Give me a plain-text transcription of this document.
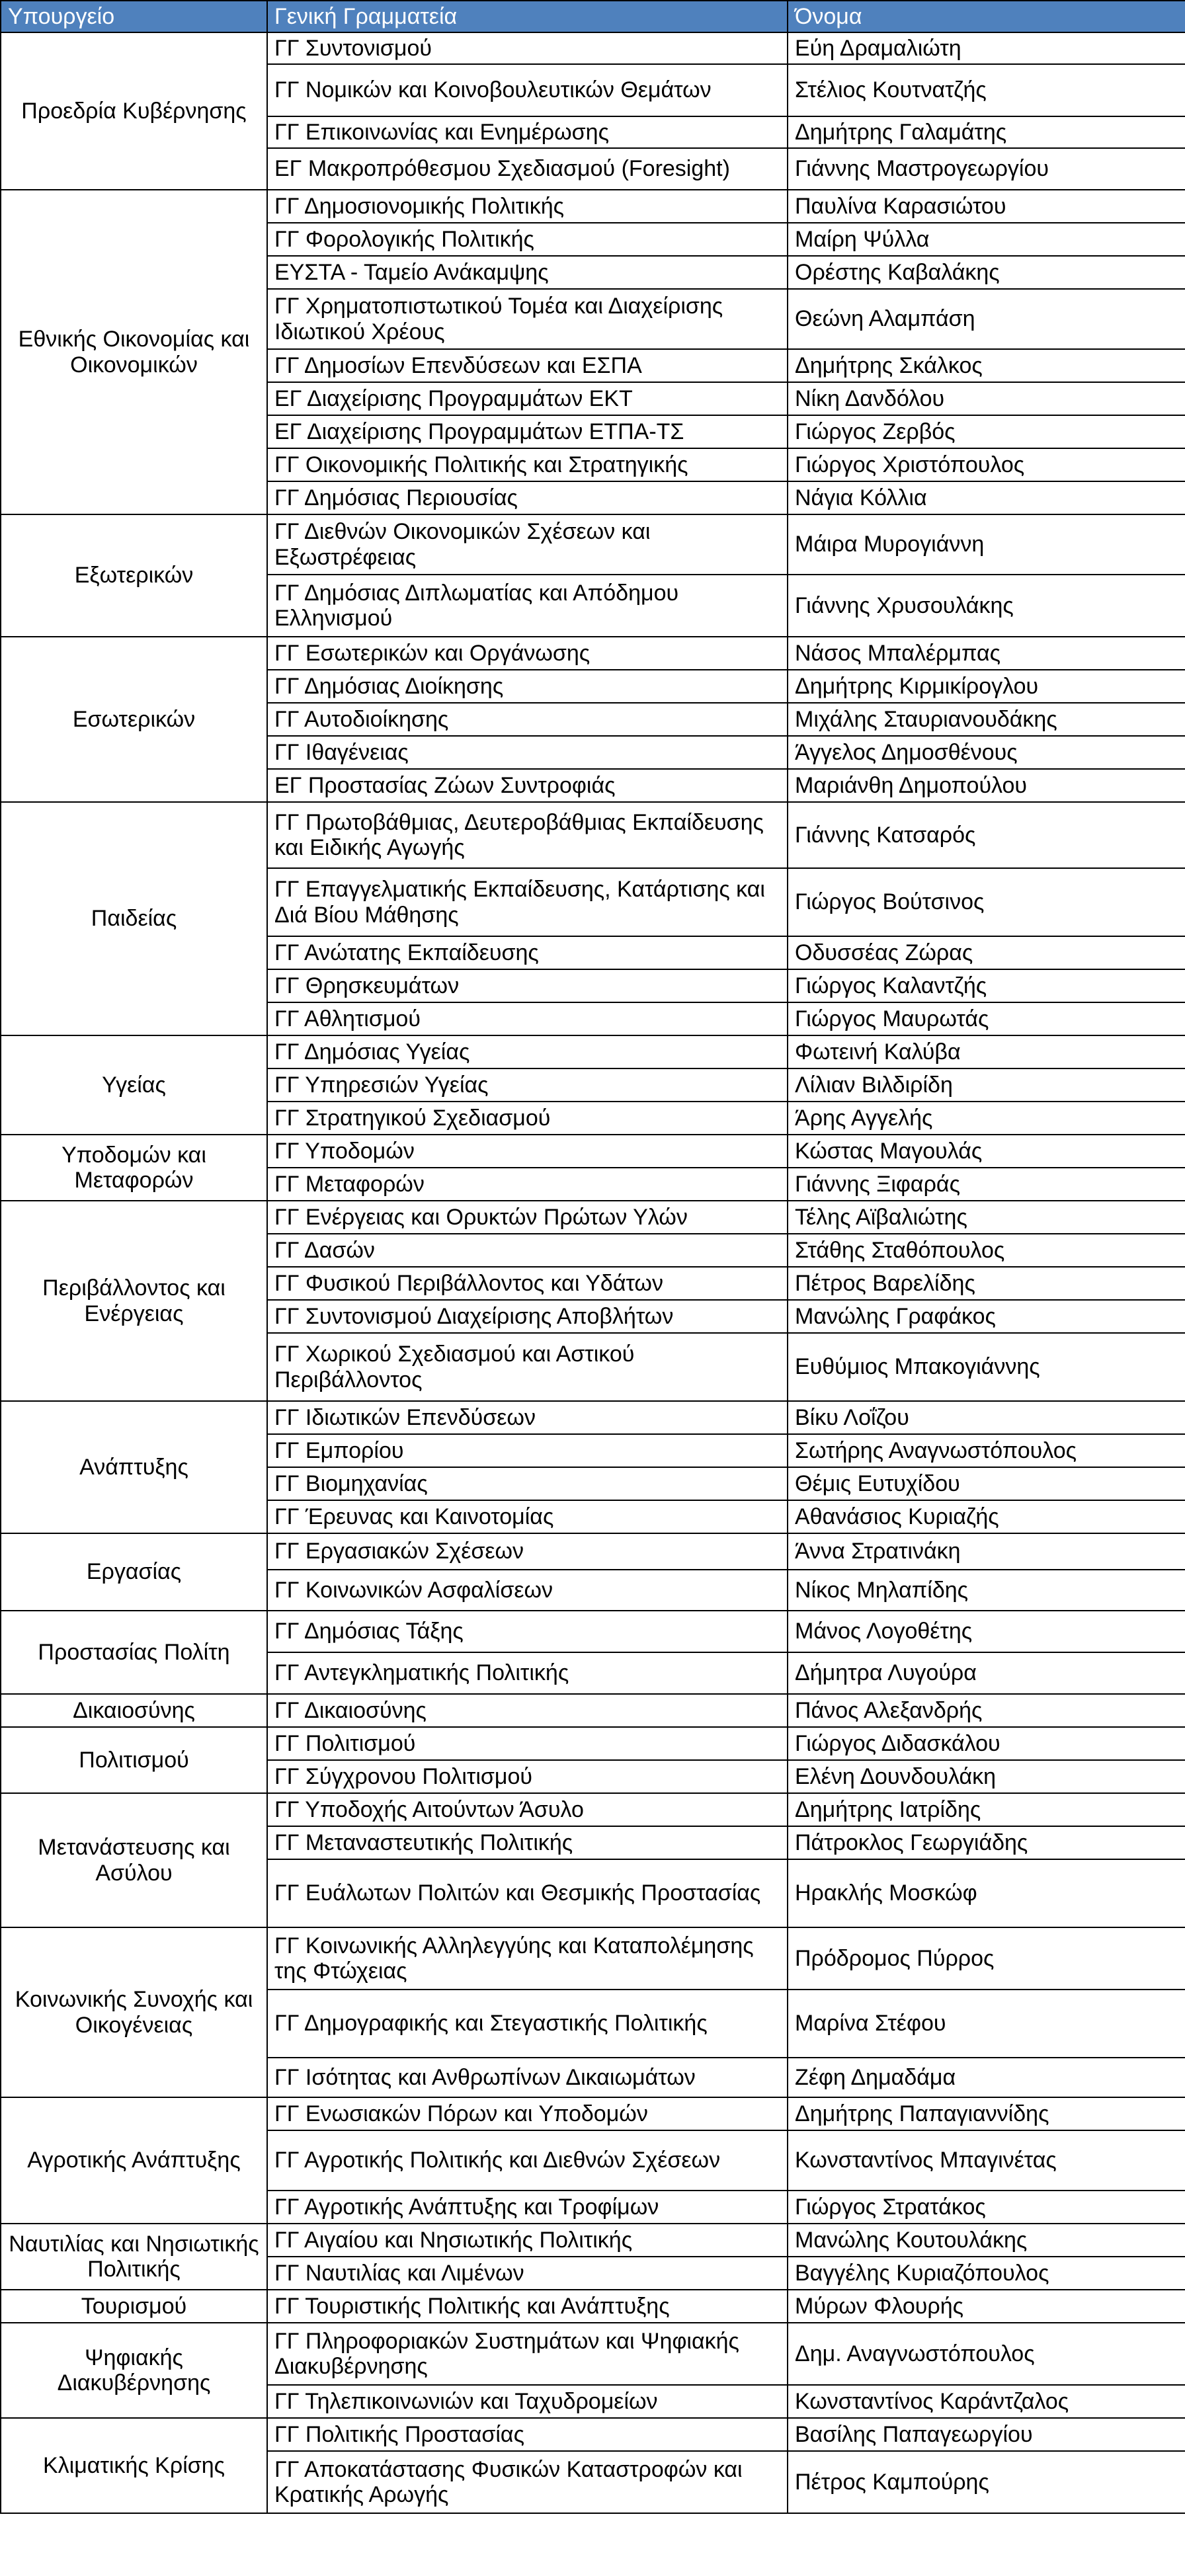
Υπουργείο	Γενική Γραμματεία	Όνομα
Προεδρία Κυβέρνησης	ΓΓ Συντονισμού	Εύη Δραμαλιώτη
	ΓΓ Νομικών και Κοινοβουλευτικών Θεμάτων	Στέλιος Κουτνατζής
	ΓΓ Επικοινωνίας και Ενημέρωσης	Δημήτρης Γαλαμάτης
	ΕΓ Μακροπρόθεσμου Σχεδιασμού (Foresight)	Γιάννης Μαστρογεωργίου
Εθνικής Οικονομίας και Οικονομικών	ΓΓ Δημοσιονομικής Πολιτικής	Παυλίνα Καρασιώτου
	ΓΓ Φορολογικής Πολιτικής	Μαίρη Ψύλλα
	ΕΥΣΤΑ - Ταμείο Ανάκαμψης	Ορέστης Καβαλάκης
	ΓΓ Χρηματοπιστωτικού Τομέα και Διαχείρισης Ιδιωτικού Χρέους	Θεώνη Αλαμπάση
	ΓΓ Δημοσίων Επενδύσεων και ΕΣΠΑ	Δημήτρης Σκάλκος
	ΕΓ Διαχείρισης Προγραμμάτων ΕΚΤ	Νίκη Δανδόλου
	ΕΓ Διαχείρισης Προγραμμάτων ΕΤΠΑ-ΤΣ	Γιώργος Ζερβός
	ΓΓ Οικονομικής Πολιτικής και Στρατηγικής	Γιώργος Χριστόπουλος
	ΓΓ Δημόσιας Περιουσίας	Νάγια Κόλλια
Εξωτερικών	ΓΓ Διεθνών Οικονομικών Σχέσεων και Εξωστρέφειας	Μάιρα Μυρογιάννη
	ΓΓ Δημόσιας Διπλωματίας και Απόδημου Ελληνισμού	Γιάννης Χρυσουλάκης
Εσωτερικών	ΓΓ Εσωτερικών και Οργάνωσης	Νάσος Μπαλέρμπας
	ΓΓ Δημόσιας Διοίκησης	Δημήτρης Κιρμικίρογλου
	ΓΓ Αυτοδιοίκησης	Μιχάλης Σταυριανουδάκης
	ΓΓ Ιθαγένειας	Άγγελος Δημοσθένους
	ΕΓ Προστασίας Ζώων Συντροφιάς	Μαριάνθη Δημοπούλου
Παιδείας	ΓΓ Πρωτοβάθμιας, Δευτεροβάθμιας Εκπαίδευσης και Ειδικής Αγωγής	Γιάννης Κατσαρός
	ΓΓ Επαγγελματικής Εκπαίδευσης, Κατάρτισης και Διά Βίου Μάθησης	Γιώργος Βούτσινος
	ΓΓ Ανώτατης Εκπαίδευσης	Οδυσσέας Ζώρας
	ΓΓ Θρησκευμάτων	Γιώργος Καλαντζής
	ΓΓ Αθλητισμού	Γιώργος Μαυρωτάς
Υγείας	ΓΓ Δημόσιας Υγείας	Φωτεινή Καλύβα
	ΓΓ Υπηρεσιών Υγείας	Λίλιαν Βιλδιρίδη
	ΓΓ Στρατηγικού Σχεδιασμού	Άρης Αγγελής
Υποδομών και Μεταφορών	ΓΓ Υποδομών	Κώστας Μαγουλάς
	ΓΓ Μεταφορών	Γιάννης Ξιφαράς
Περιβάλλοντος και Ενέργειας	ΓΓ Ενέργειας και Ορυκτών Πρώτων Υλών	Τέλης Αϊβαλιώτης
	ΓΓ Δασών	Στάθης Σταθόπουλος
	ΓΓ Φυσικού Περιβάλλοντος και Υδάτων	Πέτρος Βαρελίδης
	ΓΓ Συντονισμού Διαχείρισης Αποβλήτων	Μανώλης Γραφάκος
	ΓΓ Χωρικού Σχεδιασμού και Αστικού Περιβάλλοντος	Ευθύμιος Μπακογιάννης
Ανάπτυξης	ΓΓ Ιδιωτικών Επενδύσεων	Βίκυ Λοΐζου
	ΓΓ Εμπορίου	Σωτήρης Αναγνωστόπουλος
	ΓΓ Βιομηχανίας	Θέμις Ευτυχίδου
	ΓΓ Έρευνας και Καινοτομίας	Αθανάσιος Κυριαζής
Εργασίας	ΓΓ Εργασιακών Σχέσεων	Άννα Στρατινάκη
	ΓΓ Κοινωνικών Ασφαλίσεων	Νίκος Μηλαπίδης
Προστασίας Πολίτη	ΓΓ Δημόσιας Τάξης	Μάνος Λογοθέτης
	ΓΓ Αντεγκληματικής Πολιτικής	Δήμητρα Λυγούρα
Δικαιοσύνης	ΓΓ Δικαιοσύνης	Πάνος Αλεξανδρής
Πολιτισμού	ΓΓ Πολιτισμού	Γιώργος Διδασκάλου
	ΓΓ Σύγχρονου Πολιτισμού	Ελένη Δουνδουλάκη
Μετανάστευσης και Ασύλου	ΓΓ Υποδοχής Αιτούντων Άσυλο	Δημήτρης Ιατρίδης
	ΓΓ Μεταναστευτικής Πολιτικής	Πάτροκλος Γεωργιάδης
	ΓΓ Ευάλωτων Πολιτών και Θεσμικής Προστασίας	Ηρακλής Μοσκώφ
Κοινωνικής Συνοχής και Οικογένειας	ΓΓ Κοινωνικής Αλληλεγγύης και Καταπολέμησης της Φτώχειας	Πρόδρομος Πύρρος
	ΓΓ Δημογραφικής και Στεγαστικής Πολιτικής	Μαρίνα Στέφου
	ΓΓ Ισότητας και Ανθρωπίνων Δικαιωμάτων	Ζέφη Δημαδάμα
Αγροτικής Ανάπτυξης	ΓΓ Ενωσιακών Πόρων και Υποδομών	Δημήτρης Παπαγιαννίδης
	ΓΓ Αγροτικής Πολιτικής και Διεθνών Σχέσεων	Κωνσταντίνος Μπαγινέτας
	ΓΓ Αγροτικής Ανάπτυξης και Τροφίμων	Γιώργος Στρατάκος
Ναυτιλίας και Νησιωτικής Πολιτικής	ΓΓ Αιγαίου και Νησιωτικής Πολιτικής	Μανώλης Κουτουλάκης
	ΓΓ Ναυτιλίας και Λιμένων	Βαγγέλης Κυριαζόπουλος
Τουρισμού	ΓΓ Τουριστικής Πολιτικής και Ανάπτυξης	Μύρων Φλουρής
Ψηφιακής Διακυβέρνησης	ΓΓ Πληροφοριακών Συστημάτων και Ψηφιακής Διακυβέρνησης	Δημ. Αναγνωστόπουλος
	ΓΓ Τηλεπικοινωνιών και Ταχυδρομείων	Κωνσταντίνος Καράντζαλος
Κλιματικής Κρίσης	ΓΓ Πολιτικής Προστασίας	Βασίλης Παπαγεωργίου
	ΓΓ Αποκατάστασης Φυσικών Καταστροφών και Κρατικής Αρωγής	Πέτρος Καμπούρης
